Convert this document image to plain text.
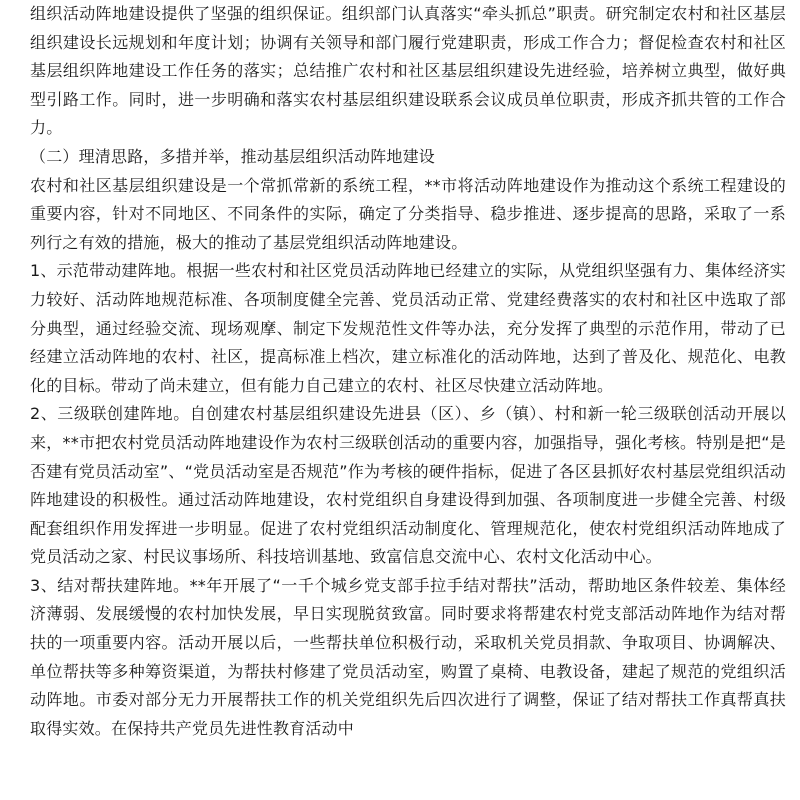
组织活动阵地建设提供了坚强的组织保证。组织部门认真落实“牵头抓总”职责。研究制定农村和社区基层组织建设长远规划和年度计划；协调有关领导和部门履行党建职责，形成工作合力；督促检查农村和社区基层组织阵地建设工作任务的落实；总结推广农村和社区基层组织建设先进经验，培养树立典型，做好典型引路工作。同时，进一步明确和落实农村基层组织建设联系会议成员单位职责，形成齐抓共管的工作合力。

（二）理清思路，多措并举，推动基层组织活动阵地建设

农村和社区基层组织建设是一个常抓常新的系统工程，**市将活动阵地建设作为推动这个系统工程建设的重要内容，针对不同地区、不同条件的实际，确定了分类指导、稳步推进、逐步提高的思路，采取了一系列行之有效的措施，极大的推动了基层党组织活动阵地建设。

1、示范带动建阵地。根据一些农村和社区党员活动阵地已经建立的实际，从党组织坚强有力、集体经济实力较好、活动阵地规范标准、各项制度健全完善、党员活动正常、党建经费落实的农村和社区中选取了部分典型，通过经验交流、现场观摩、制定下发规范性文件等办法，充分发挥了典型的示范作用，带动了已经建立活动阵地的农村、社区，提高标准上档次，建立标准化的活动阵地，达到了普及化、规范化、电教化的目标。带动了尚未建立，但有能力自己建立的农村、社区尽快建立活动阵地。

2、三级联创建阵地。自创建农村基层组织建设先进县（区）、乡（镇）、村和新一轮三级联创活动开展以来，**市把农村党员活动阵地建设作为农村三级联创活动的重要内容，加强指导，强化考核。特别是把“是否建有党员活动室”、“党员活动室是否规范”作为考核的硬件指标，促进了各区县抓好农村基层党组织活动阵地建设的积极性。通过活动阵地建设，农村党组织自身建设得到加强、各项制度进一步健全完善、村级配套组织作用发挥进一步明显。促进了农村党组织活动制度化、管理规范化，使农村党组织活动阵地成了党员活动之家、村民议事场所、科技培训基地、致富信息交流中心、农村文化活动中心。

3、结对帮扶建阵地。**年开展了“一千个城乡党支部手拉手结对帮扶”活动，帮助地区条件较差、集体经济薄弱、发展缓慢的农村加快发展，早日实现脱贫致富。同时要求将帮建农村党支部活动阵地作为结对帮扶的一项重要内容。活动开展以后，一些帮扶单位积极行动，采取机关党员捐款、争取项目、协调解决、单位帮扶等多种筹资渠道，为帮扶村修建了党员活动室，购置了桌椅、电教设备，建起了规范的党组织活动阵地。市委对部分无力开展帮扶工作的机关党组织先后四次进行了调整，保证了结对帮扶工作真帮真扶取得实效。在保持共产党员先进性教育活动中
